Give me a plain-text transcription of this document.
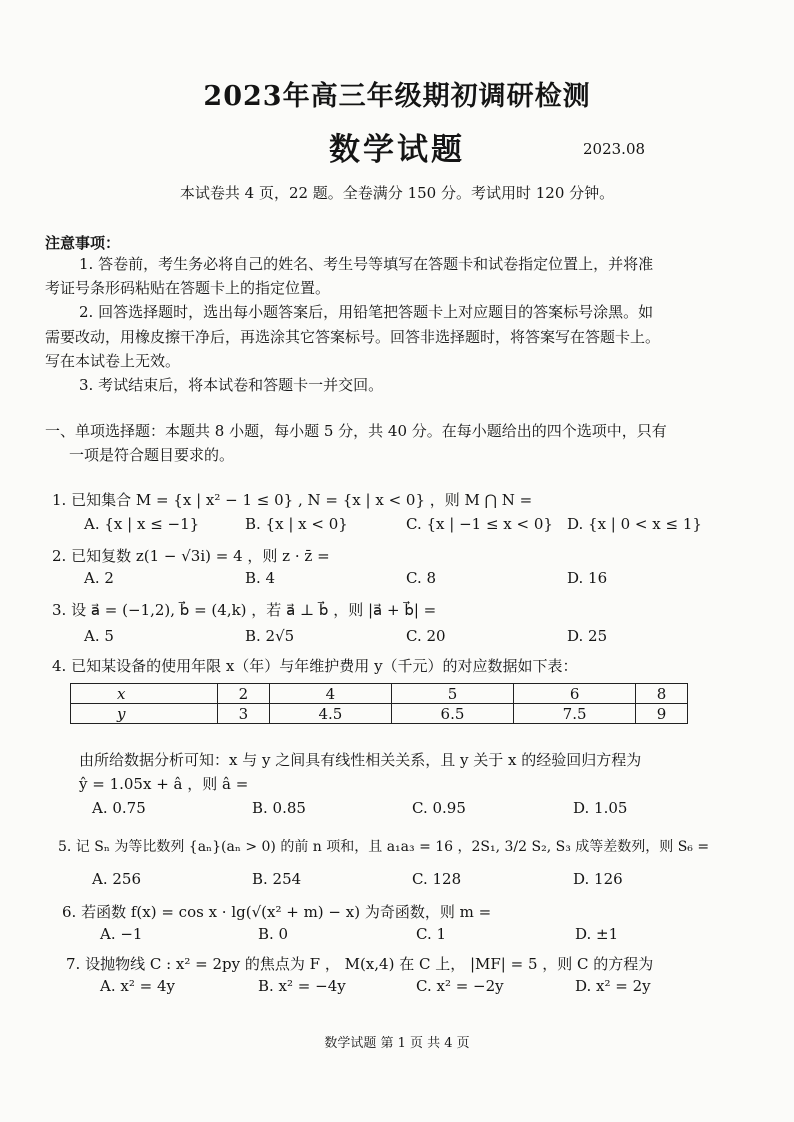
2023年高三年级期初调研检测
数学试题	2023.08
本试卷共 4 页，22 题。全卷满分 150 分。考试用时 120 分钟。
注意事项：
1. 答卷前，考生务必将自己的姓名、考生号等填写在答题卡和试卷指定位置上，并将准
考证号条形码粘贴在答题卡上的指定位置。
2. 回答选择题时，选出每小题答案后，用铅笔把答题卡上对应题目的答案标号涂黑。如
需要改动，用橡皮擦干净后，再选涂其它答案标号。回答非选择题时，将答案写在答题卡上。
写在本试卷上无效。
3. 考试结束后，将本试卷和答题卡一并交回。
一、单项选择题：本题共 8 小题，每小题 5 分，共 40 分。在每小题给出的四个选项中，只有
一项是符合题目要求的。
1. 已知集合 M = {x | x² − 1 ≤ 0} , N = {x | x < 0} ，则 M ⋂ N =
A. {x | x ≤ −1}	B. {x | x < 0}	C. {x | −1 ≤ x < 0} D. {x | 0 < x ≤ 1}
2. 已知复数 z(1 − √3i) = 4 ，则 z · z̄ =
A. 2	B. 4	C. 8	D. 16
3. 设 a⃗ = (−1,2), b⃗ = (4,k) ，若 a⃗ ⊥ b⃗ ，则 |a⃗ + b⃗| =
A. 5	B. 2√5	C. 20	D. 25
4. 已知某设备的使用年限 x（年）与年维护费用 y（千元）的对应数据如下表：
x	2	4	5	6	8
y	3	4.5	6.5	7.5	9
由所给数据分析可知：x 与 y 之间具有线性相关关系，且 y 关于 x 的经验回归方程为
ŷ = 1.05x + â ，则 â =
A. 0.75	B. 0.85	C. 0.95	D. 1.05
5. 记 Sₙ 为等比数列 {aₙ}(aₙ > 0) 的前 n 项和，且 a₁a₃ = 16 ，2S₁, 3/2 S₂, S₃ 成等差数列，则 S₆ =
A. 256	B. 254	C. 128	D. 126
6. 若函数 f(x) = cos x · lg(√(x² + m) − x) 为奇函数，则 m =
A. −1	B. 0	C. 1	D. ±1
7. 设抛物线 C : x² = 2py 的焦点为 F ， M(x,4) 在 C 上， |MF| = 5 ，则 C 的方程为
A. x² = 4y	B. x² = −4y	C. x² = −2y	D. x² = 2y
数学试题 第 1 页 共 4 页
